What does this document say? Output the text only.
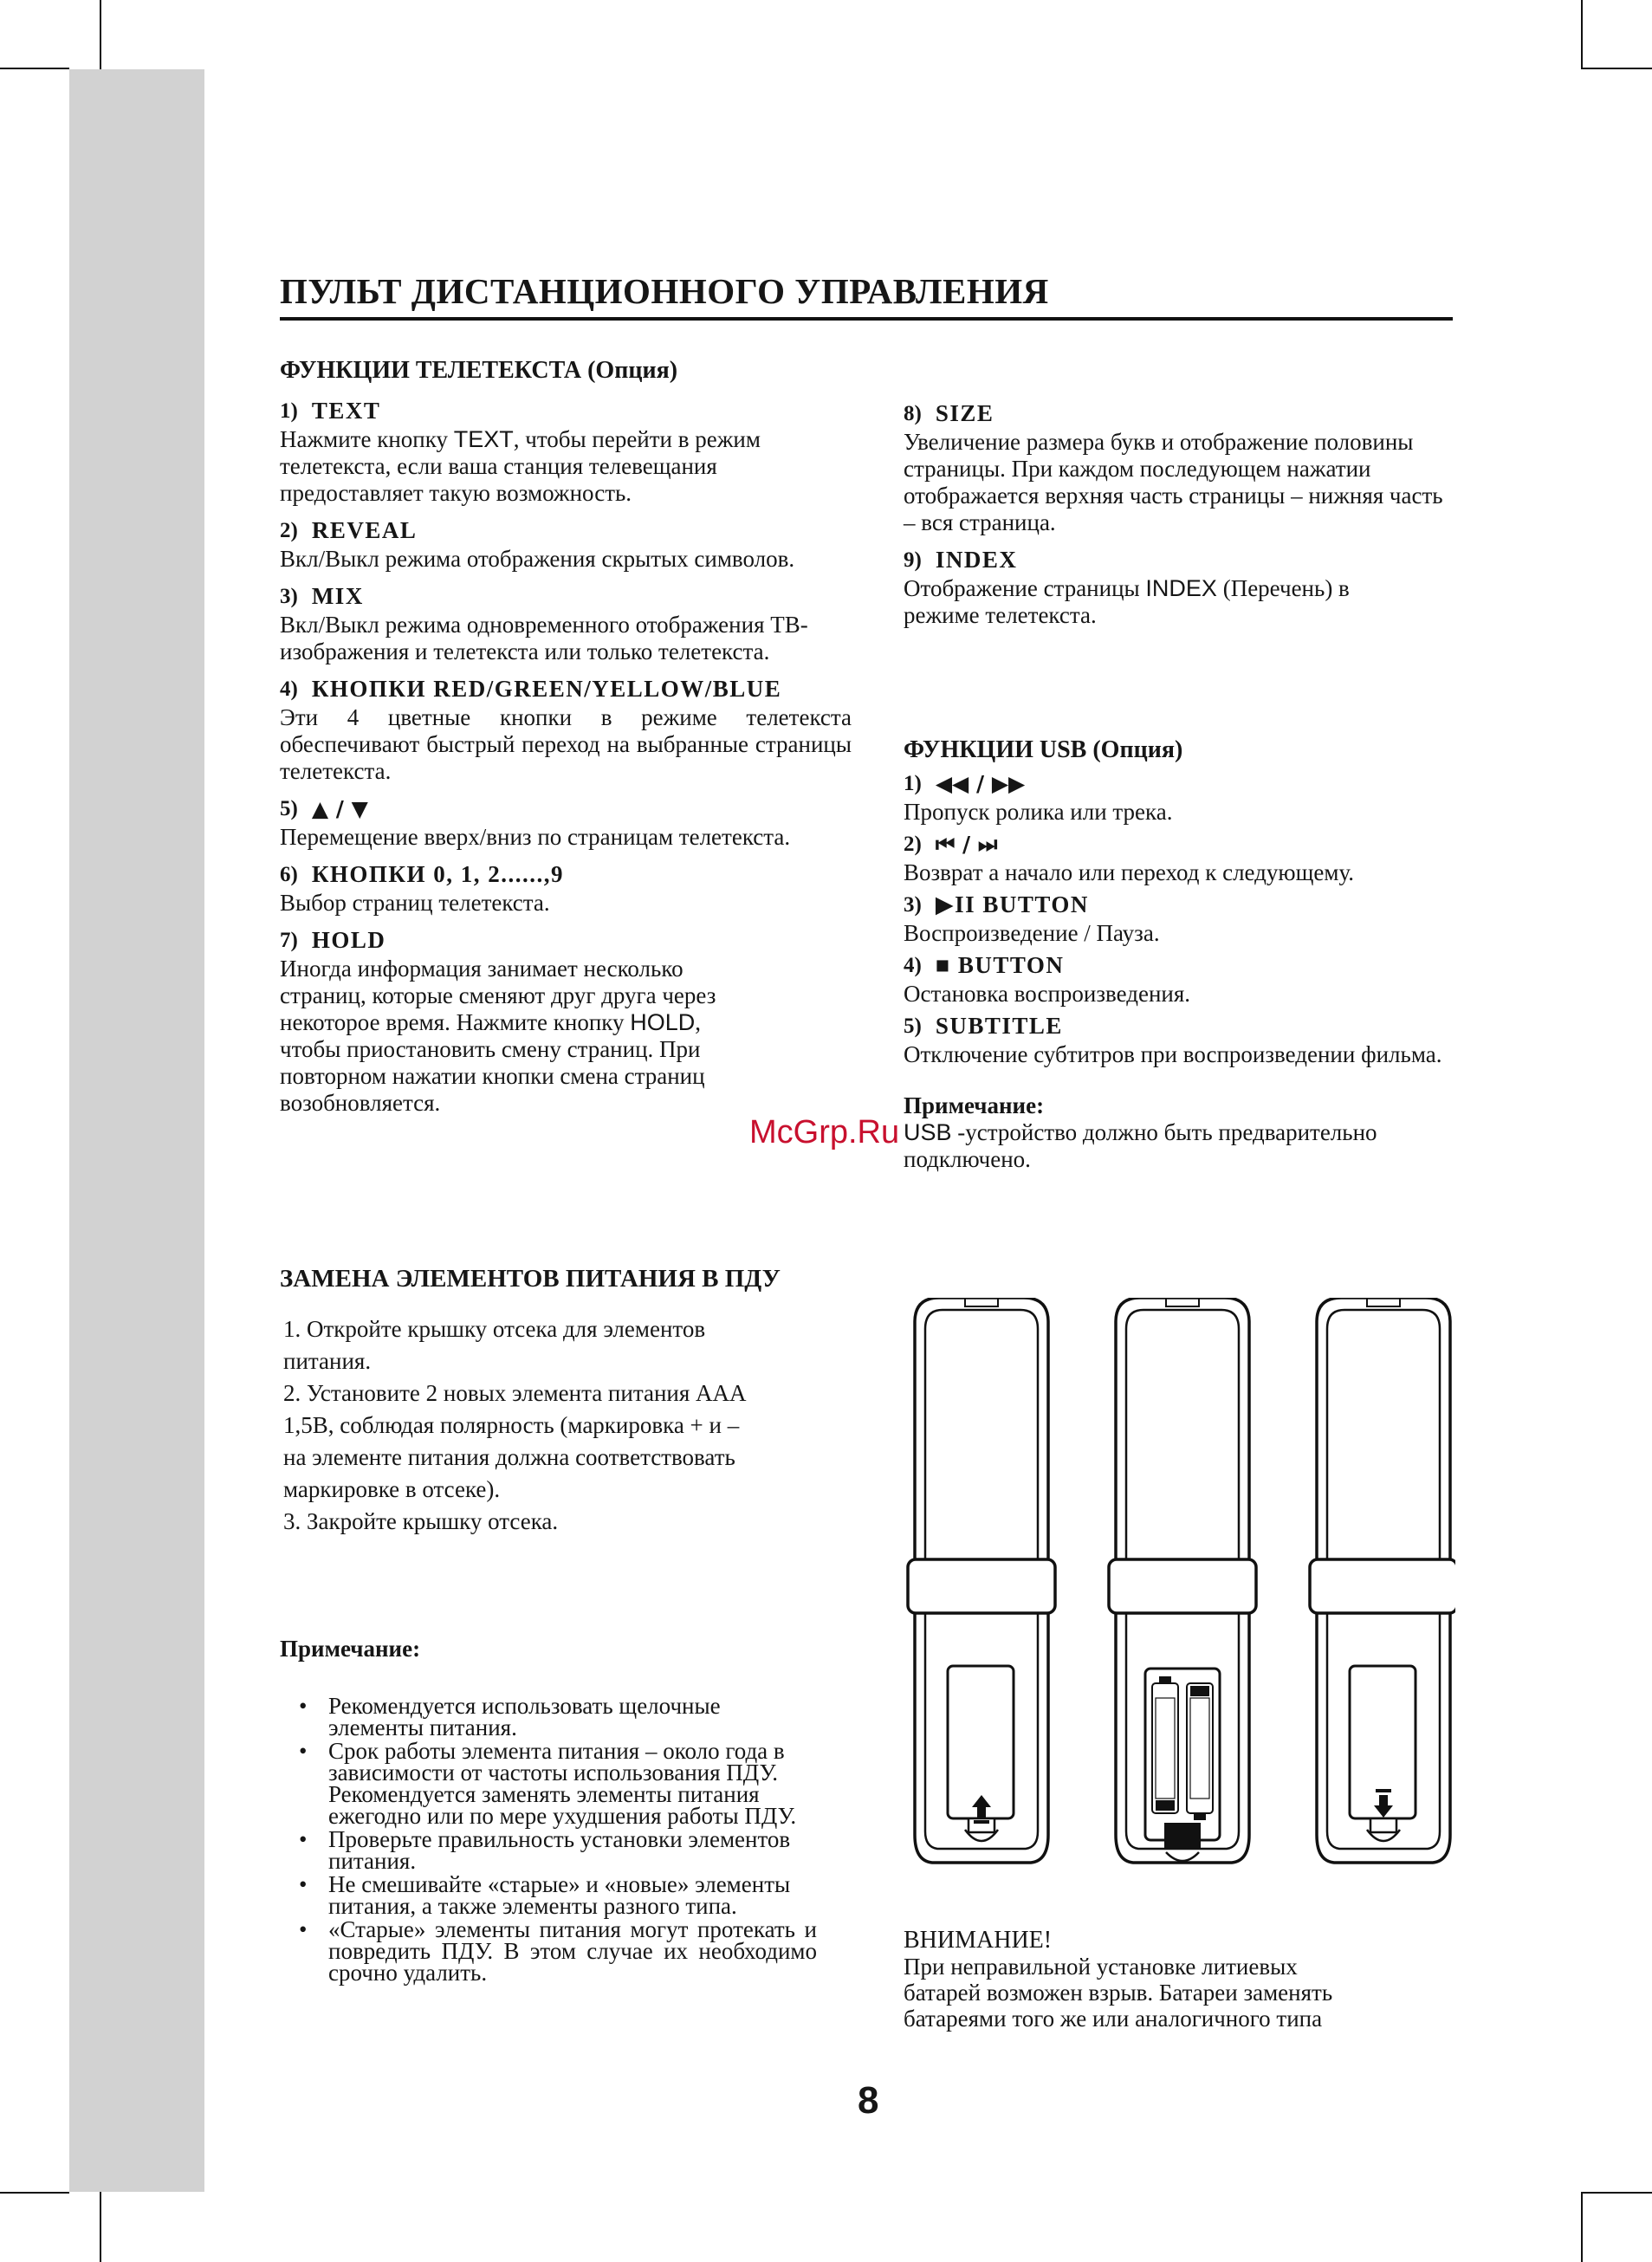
ПУЛЬТ ДИСТАНЦИОННОГО УПРАВЛЕНИЯ
ФУНКЦИИ ТЕЛЕТЕКСТА (Опция)
1) TEXT

Нажмите кнопку TEXT, чтобы перейти в режим телетекста, если ваша станция телевещания предоставляет такую возможность.

2) REVEAL

Вкл/Выкл режима отображения скрытых символов.

3) MIX

Вкл/Выкл режима одновременного отображения ТВ-изображения и телетекста или только телетекста.

4) КНОПКИ RED/GREEN/YELLOW/BLUE

Эти 4 цветные кнопки в режиме телетекста обеспечивают быстрый переход на выбранные страницы телетекста.

5) ▲ / ▼

Перемещение вверх/вниз по страницам телетекста.

6) КНОПКИ 0, 1, 2......,9

Выбор страниц телетекста.

7) HOLD

Иногда информация занимает несколько страниц, которые сменяют друг друга через некоторое время. Нажмите кнопку HOLD, чтобы приостановить смену страниц. При повторном нажатии кнопки смена страниц возобновляется.

8) SIZE

Увеличение размера букв и отображение половины страницы. При каждом последующем нажатии отображается верхняя часть страницы – нижняя часть – вся страница.

9) INDEX

Отображение страницы INDEX (Перечень) в режиме телетекста.

ФУНКЦИИ USB (Опция)
1) ◀◀ / ▶▶

Пропуск ролика или трека.

2) ⏮ / ⏭

Возврат а начало или переход к следующему.

3) ▶II BUTTON

Воспроизведение / Пауза.

4) ■ BUTTON

Остановка воспроизведения.

5) SUBTITLE

Отключение субтитров при воспроизведении фильма.

Примечание:

USB -устройство должно быть предварительно подключено.

ЗАМЕНА ЭЛЕМЕНТОВ ПИТАНИЯ В ПДУ

1. Откройте крышку отсека для элементов

питания.

2. Установите 2 новых элемента питания ААА

1,5В, соблюдая полярность (маркировка + и –

на элементе питания должна соответствовать

маркировке в отсеке).

3. Закройте крышку отсека.

Примечание:
• Рекомендуется использовать щелочные элементы питания.
• Срок работы элемента питания – около года в зависимости от частоты использования ПДУ. Рекомендуется заменять элементы питания ежегодно или по мере ухудшения работы ПДУ.
• Проверьте правильность установки элементов питания.
• Не смешивайте «старые» и «новые» элементы питания, а также элементы разного типа.
• «Старые» элементы питания могут протекать и повредить ПДУ. В этом случае их необходимо срочно удалить.

ВНИМАНИЕ!

При неправильной установке литиевых

батарей возможен взрыв. Батареи заменять

батареями того же или аналогичного типа

McGrp.Ru
8
